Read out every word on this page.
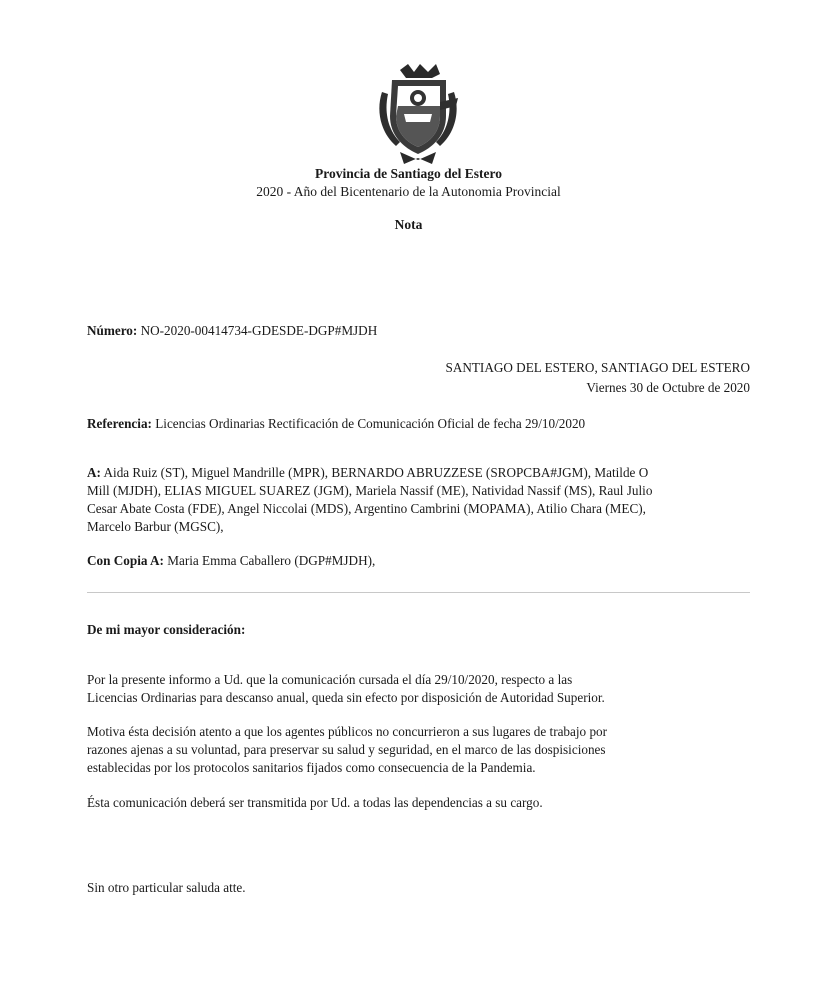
Provincia de Santiago del Estero
2020 - Año del Bicentenario de la Autonomia Provincial
Nota
Número: NO-2020-00414734-GDESDE-DGP#MJDH
SANTIAGO DEL ESTERO, SANTIAGO DEL ESTERO
Viernes 30 de Octubre de 2020
Referencia: Licencias Ordinarias Rectificación de Comunicación Oficial de fecha 29/10/2020
A: Aida Ruiz (ST), Miguel Mandrille (MPR), BERNARDO ABRUZZESE (SROPCBA#JGM), Matilde O
Mill (MJDH), ELIAS MIGUEL SUAREZ (JGM), Mariela Nassif (ME), Natividad Nassif (MS), Raul Julio
Cesar Abate Costa (FDE), Angel Niccolai (MDS), Argentino Cambrini (MOPAMA), Atilio Chara (MEC),
Marcelo Barbur (MGSC),
Con Copia A: Maria Emma Caballero (DGP#MJDH),
De mi mayor consideración:
Por la presente informo a Ud. que la comunicación cursada el día 29/10/2020, respecto a las
Licencias Ordinarias para descanso anual, queda sin efecto por disposición de Autoridad Superior.
Motiva ésta decisión atento a que los agentes públicos no concurrieron a sus lugares de trabajo por
razones ajenas a su voluntad, para preservar su salud y seguridad, en el marco de las dospisiciones
establecidas por los protocolos sanitarios fijados como consecuencia de la Pandemia.
Ésta comunicación deberá ser transmitida por Ud. a todas las dependencias a su cargo.
Sin otro particular saluda atte.
